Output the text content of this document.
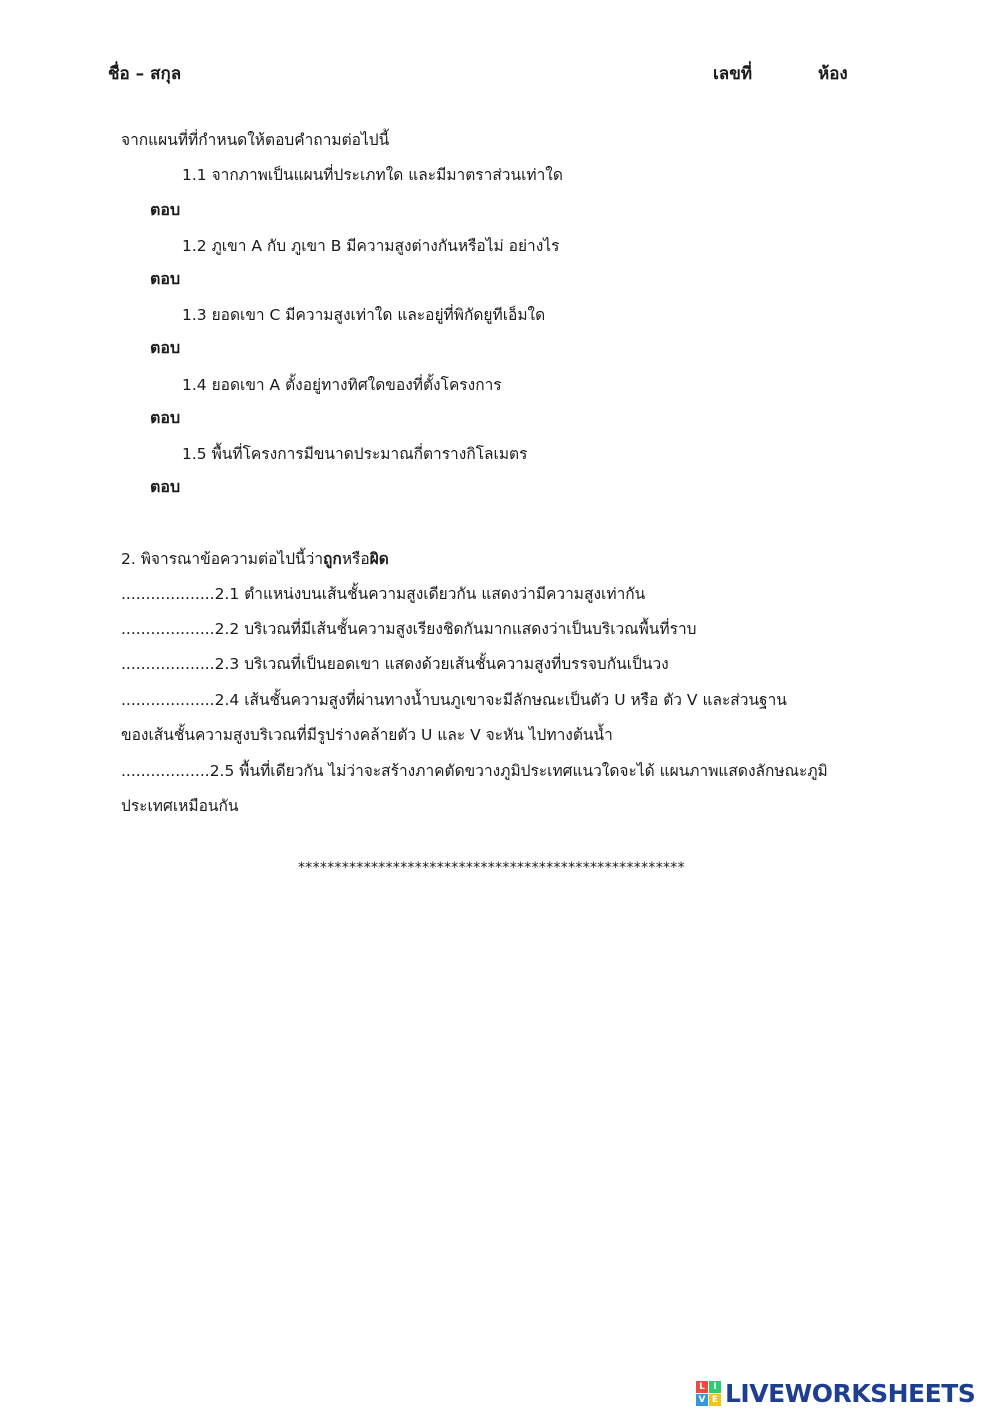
ชื่อ – สกุล	เลขที่	ห้อง
จากแผนที่ที่กำหนดให้ตอบคำถามต่อไปนี้
1.1 จากภาพเป็นแผนที่ประเภทใด และมีมาตราส่วนเท่าใด
ตอบ
1.2 ภูเขา A กับ ภูเขา B มีความสูงต่างกันหรือไม่ อย่างไร
ตอบ
1.3 ยอดเขา C มีความสูงเท่าใด และอยู่ที่พิกัดยูทีเอ็มใด
ตอบ
1.4 ยอดเขา A ตั้งอยู่ทางทิศใดของที่ตั้งโครงการ
ตอบ
1.5 พื้นที่โครงการมีขนาดประมาณกี่ตารางกิโลเมตร
ตอบ
2. พิจารณาข้อความต่อไปนี้ว่าถูกหรือผิด
...................2.1 ตำแหน่งบนเส้นชั้นความสูงเดียวกัน แสดงว่ามีความสูงเท่ากัน
...................2.2 บริเวณที่มีเส้นชั้นความสูงเรียงชิดกันมากแสดงว่าเป็นบริเวณพื้นที่ราบ
...................2.3 บริเวณที่เป็นยอดเขา แสดงด้วยเส้นชั้นความสูงที่บรรจบกันเป็นวง
...................2.4 เส้นชั้นความสูงที่ผ่านทางน้ำบนภูเขาจะมีลักษณะเป็นตัว U หรือ ตัว V และส่วนฐาน
ของเส้นชั้นความสูงบริเวณที่มีรูปร่างคล้ายตัว U และ V จะหัน ไปทางต้นน้ำ
..................2.5 พื้นที่เดียวกัน ไม่ว่าจะสร้างภาคตัดขวางภูมิประเทศแนวใดจะได้ แผนภาพแสดงลักษณะภูมิ
ประเทศเหมือนกัน
*****************************************************
L I
V E LIVEWORKSHEETS
